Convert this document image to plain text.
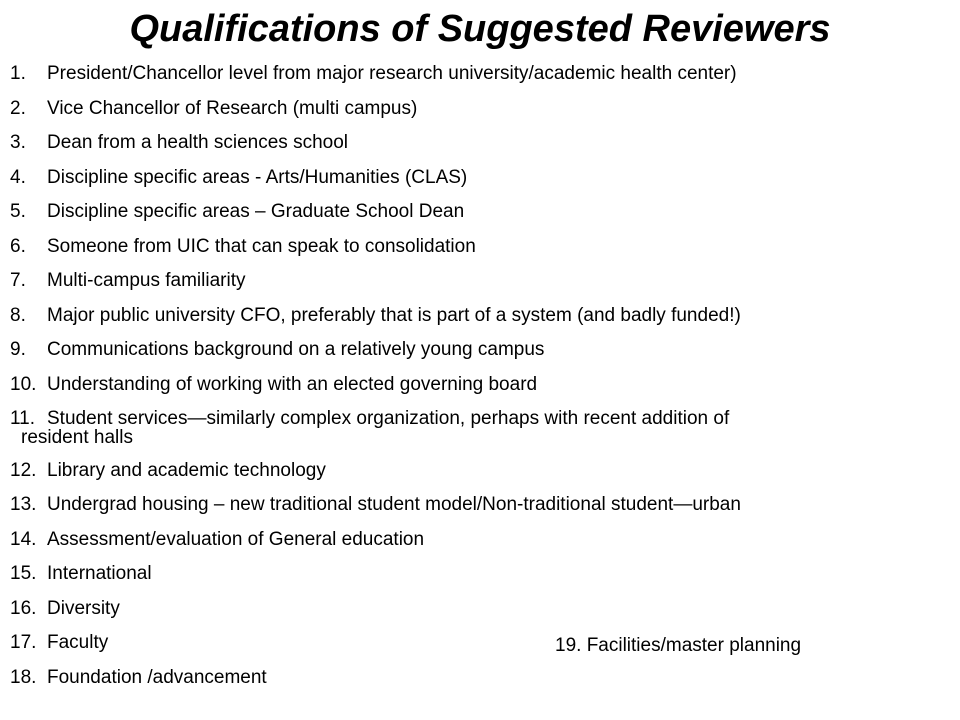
Qualifications of Suggested Reviewers
1.	President/Chancellor level from major research university/academic health center)
2.	Vice Chancellor of Research (multi campus)
3.	Dean from a health sciences school
4.	Discipline specific areas - Arts/Humanities (CLAS)
5.	Discipline specific areas – Graduate School Dean
6.	Someone from UIC that can speak to consolidation
7.	Multi-campus familiarity
8.	Major public university CFO, preferably that is part of a system (and badly funded!)
9.	Communications background on a relatively young campus
10. Understanding of working with an elected governing board
11. Student services—similarly complex organization, perhaps with recent addition of
resident halls
12. Library and academic technology
13. Undergrad housing – new traditional student model/Non-traditional student—urban
14. Assessment/evaluation of General education
15. International
16. Diversity
17. Faculty
18. Foundation /advancement
19. Facilities/master planning
